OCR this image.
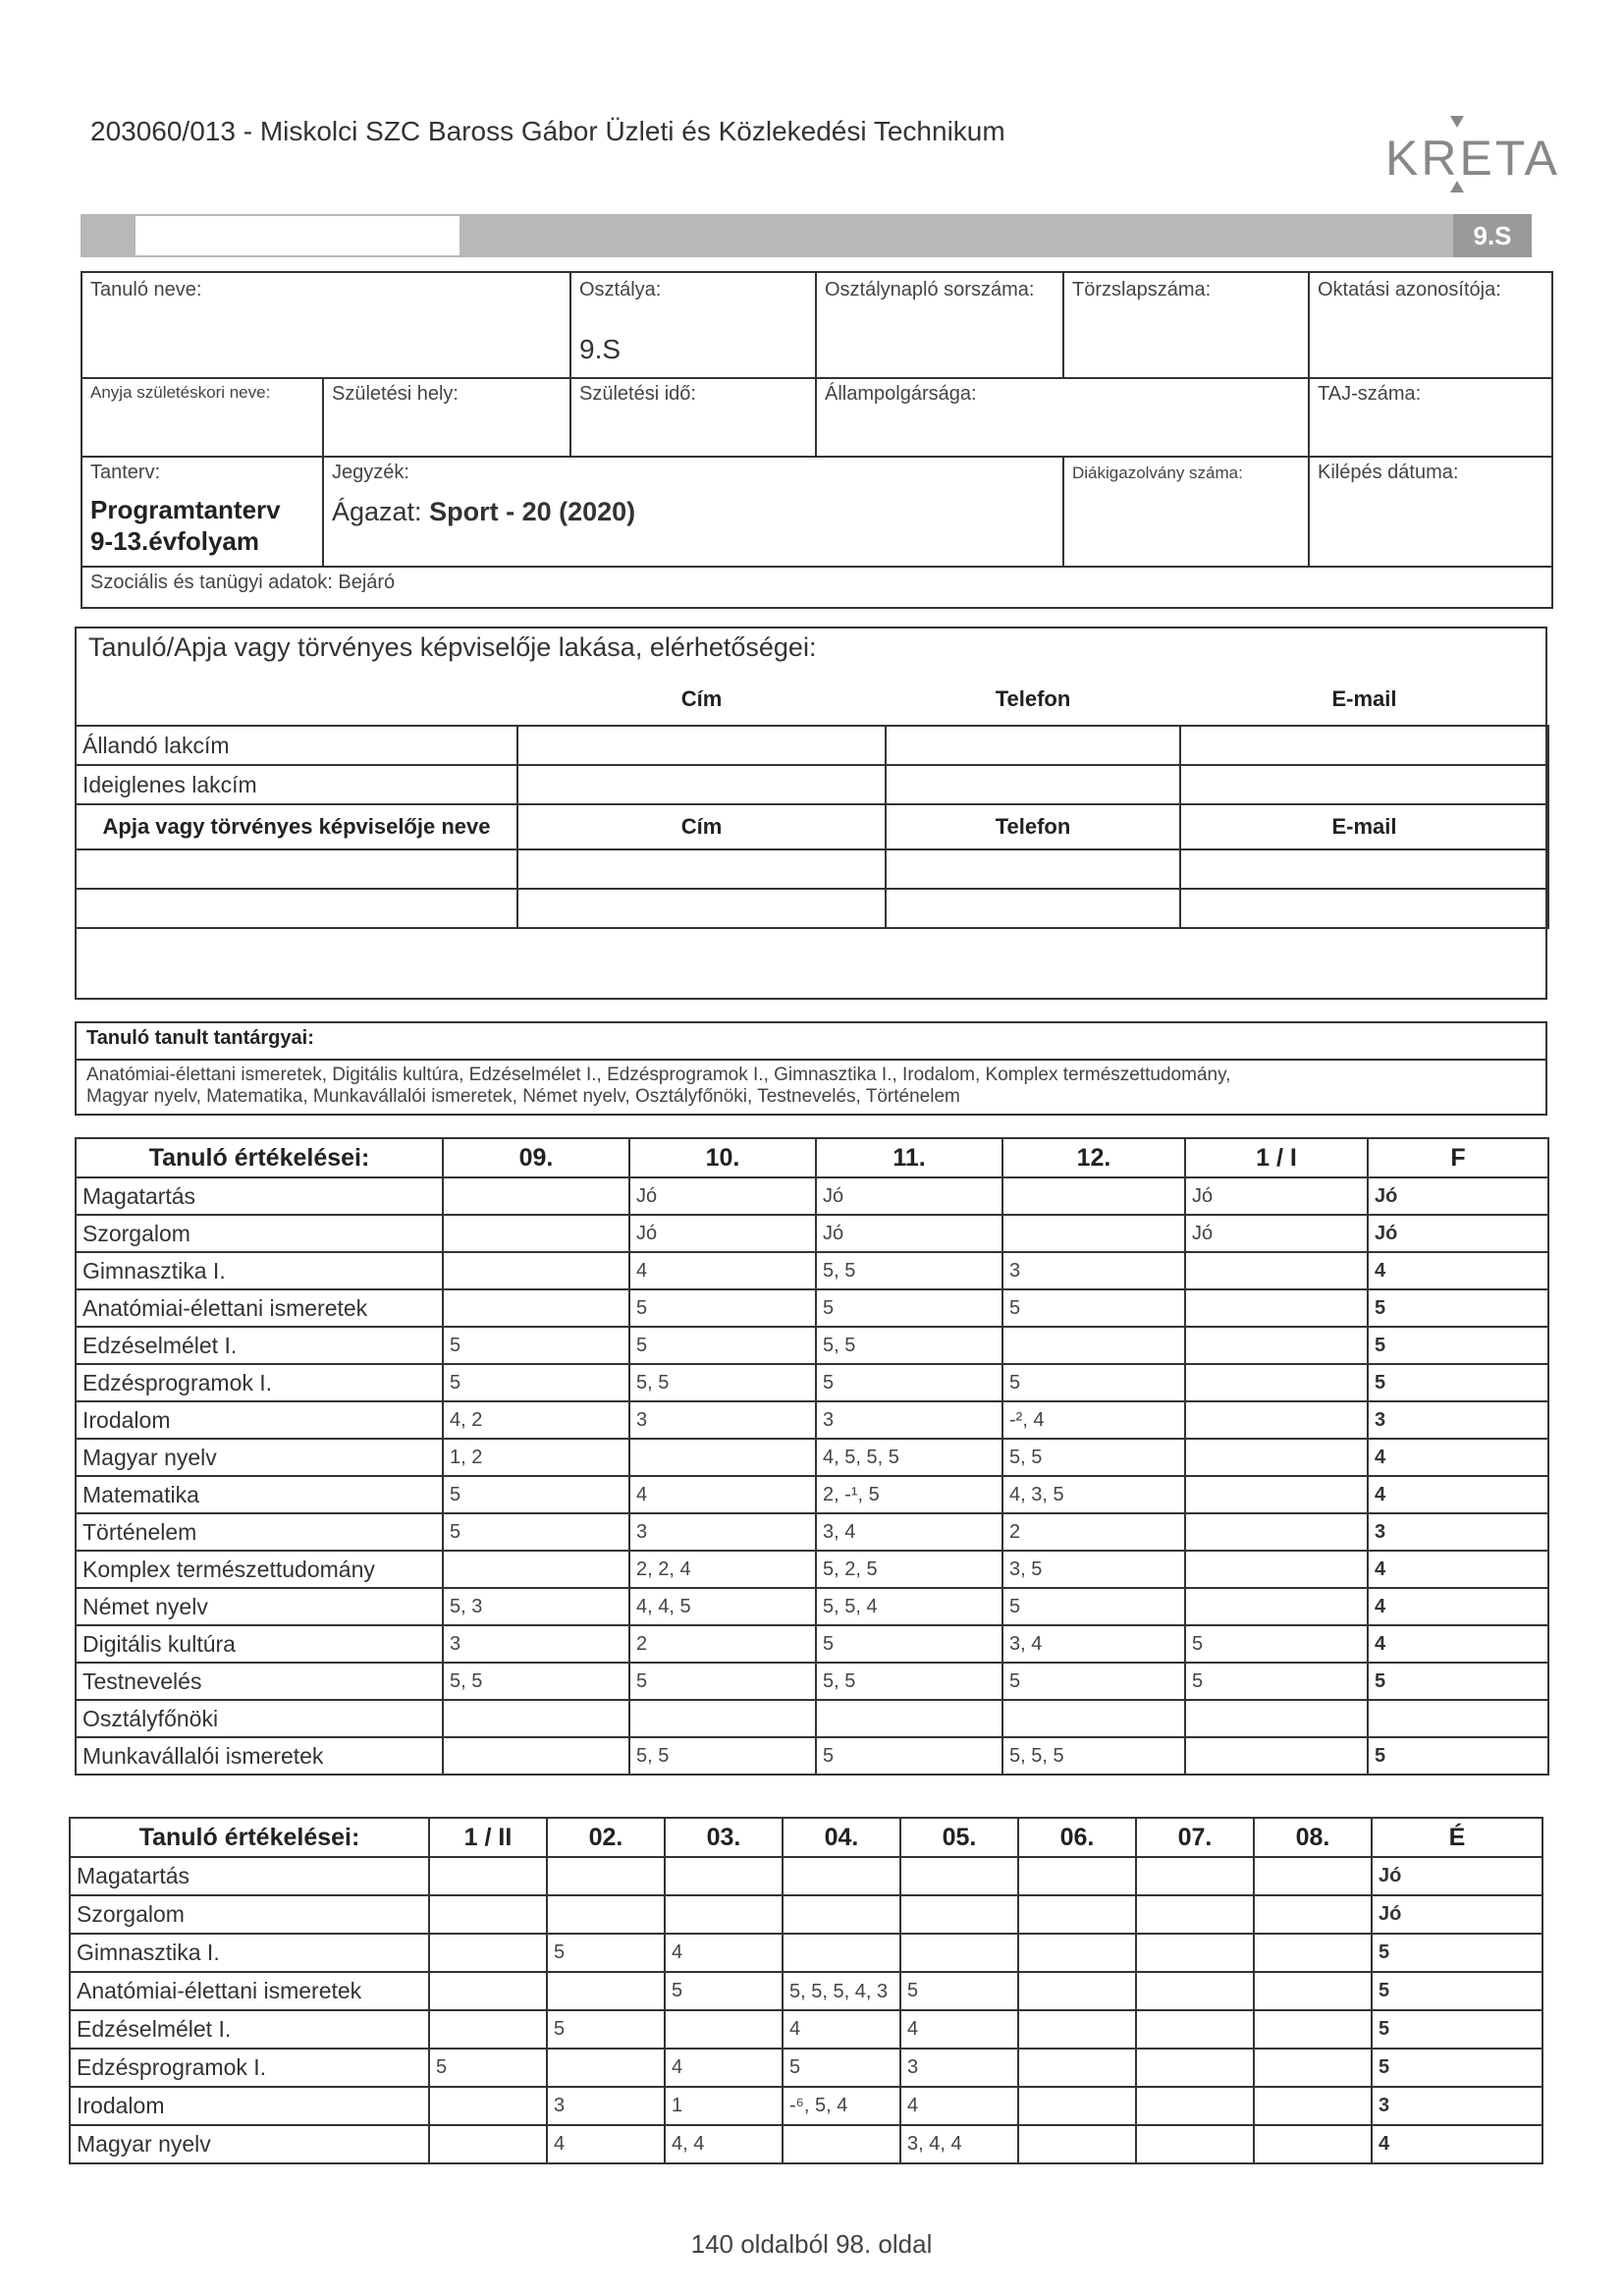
203060/013 - Miskolci SZC Baross Gábor Üzleti és Közlekedési Technikum	KRETA
9.S
Tanuló neve:	Osztálya:
9.S
Osztálynapló sorszáma:	Törzslapszáma:	Oktatási azonosítója:
Anyja születéskori neve:	Születési hely:	Születési idő:	Állampolgársága:	TAJ-száma:
Tanterv:
Programtanterv
9-13.évfolyam
Jegyzék:
Ágazat: Sport - 20 (2020)
Diákigazolvány száma:	Kilépés dátuma:
Szociális és tanügyi adatok: Bejáró
Tanuló/Apja vagy törvényes képviselője lakása, elérhetőségei:
	Cím	Telefon	E-mail
Állandó lakcím			
Ideiglenes lakcím			
Apja vagy törvényes képviselője neve	Cím	Telefon	E-mail

Tanuló tanult tantárgyai:
Anatómiai-élettani ismeretek, Digitális kultúra, Edzéselmélet I., Edzésprogramok I., Gimnasztika I., Irodalom, Komplex természettudomány,
Magyar nyelv, Matematika, Munkavállalói ismeretek, Német nyelv, Osztályfőnöki, Testnevelés, Történelem
Tanuló értékelései:	09.	10.	11.	12.	1 / I	F
Magatartás		Jó	Jó		Jó	Jó
Szorgalom		Jó	Jó		Jó	Jó
Gimnasztika I.		4	5, 5	3		4
Anatómiai-élettani ismeretek		5	5	5		5
Edzéselmélet I.	5	5	5, 5			5
Edzésprogramok I.	5	5, 5	5	5		5
Irodalom	4, 2	3	3	-², 4		3
Magyar nyelv	1, 2		4, 5, 5, 5	5, 5		4
Matematika	5	4	2, -¹, 5	4, 3, 5		4
Történelem	5	3	3, 4	2		3
Komplex természettudomány		2, 2, 4	5, 2, 5	3, 5		4
Német nyelv	5, 3	4, 4, 5	5, 5, 4	5		4
Digitális kultúra	3	2	5	3, 4	5	4
Testnevelés	5, 5	5	5, 5	5	5	5
Osztályfőnöki						
Munkavállalói ismeretek		5, 5	5	5, 5, 5		5
Tanuló értékelései:	1 / II	02.	03.	04.	05.	06.	07.	08.	É
Magatartás									Jó
Szorgalom									Jó
Gimnasztika I.		5	4						5
Anatómiai-élettani ismeretek			5	5, 5, 5, 4, 3	5				5
Edzéselmélet I.		5		4	4				5
Edzésprogramok I.	5		4	5	3				5
Irodalom		3	1	-⁶, 5, 4	4				3
Magyar nyelv		4	4, 4		3, 4, 4				4
140 oldalból 98. oldal
